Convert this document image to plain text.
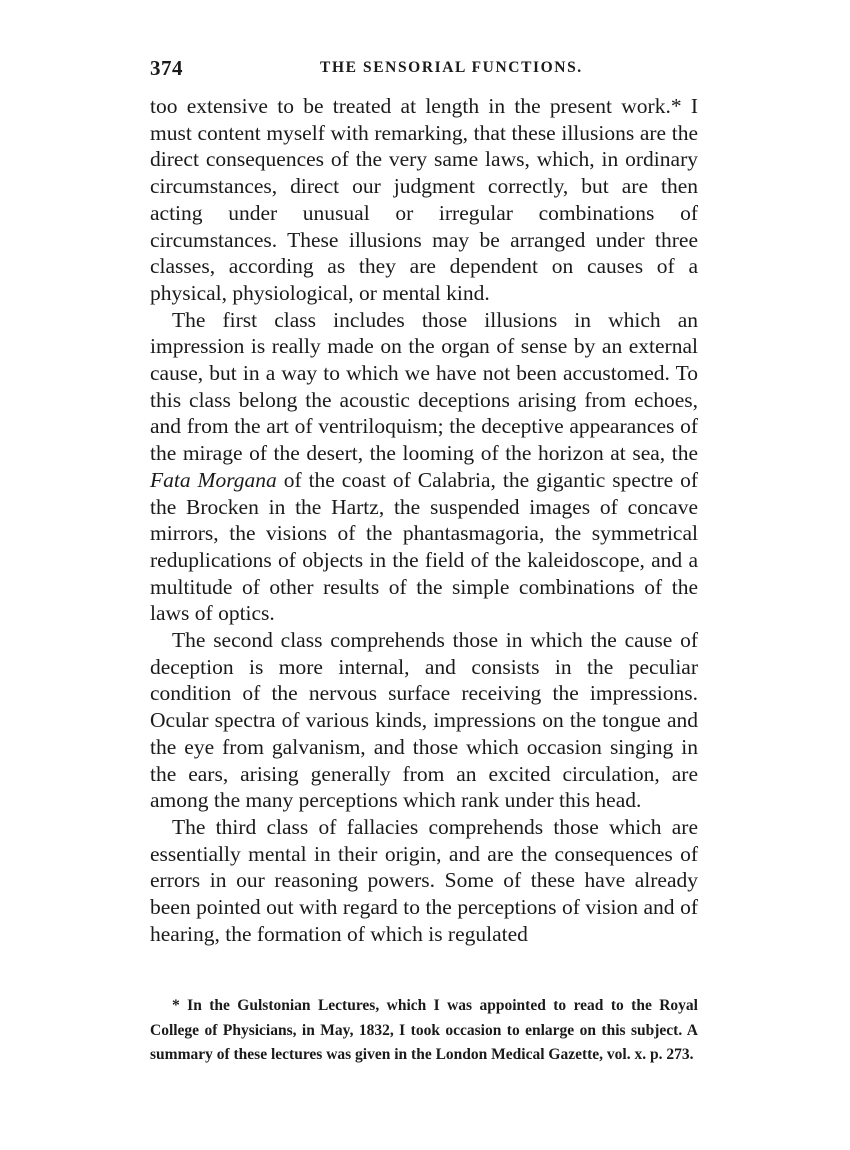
374	THE SENSORIAL FUNCTIONS.

too extensive to be treated at length in the present work.* I must content myself with remarking, that these illusions are the direct consequences of the very same laws, which, in ordinary circumstances, direct our judgment correctly, but are then acting under unusual or irregular combinations of circumstances. These illusions may be arranged under three classes, according as they are dependent on causes of a physical, physiological, or mental kind.

The first class includes those illusions in which an impression is really made on the organ of sense by an external cause, but in a way to which we have not been accustomed. To this class belong the acoustic deceptions arising from echoes, and from the art of ventriloquism; the deceptive appearances of the mirage of the desert, the looming of the horizon at sea, the Fata Morgana of the coast of Calabria, the gigantic spectre of the Brocken in the Hartz, the suspended images of concave mirrors, the visions of the phantasmagoria, the symmetrical reduplications of objects in the field of the kaleidoscope, and a multitude of other results of the simple combinations of the laws of optics.

The second class comprehends those in which the cause of deception is more internal, and consists in the peculiar condition of the nervous surface receiving the impressions. Ocular spectra of various kinds, impressions on the tongue and the eye from galvanism, and those which occasion singing in the ears, arising generally from an excited circulation, are among the many perceptions which rank under this head.

The third class of fallacies comprehends those which are essentially mental in their origin, and are the consequences of errors in our reasoning powers. Some of these have already been pointed out with regard to the perceptions of vision and of hearing, the formation of which is regulated

* In the Gulstonian Lectures, which I was appointed to read to the Royal College of Physicians, in May, 1832, I took occasion to enlarge on this subject. A summary of these lectures was given in the London Medical Gazette, vol. x. p. 273.
